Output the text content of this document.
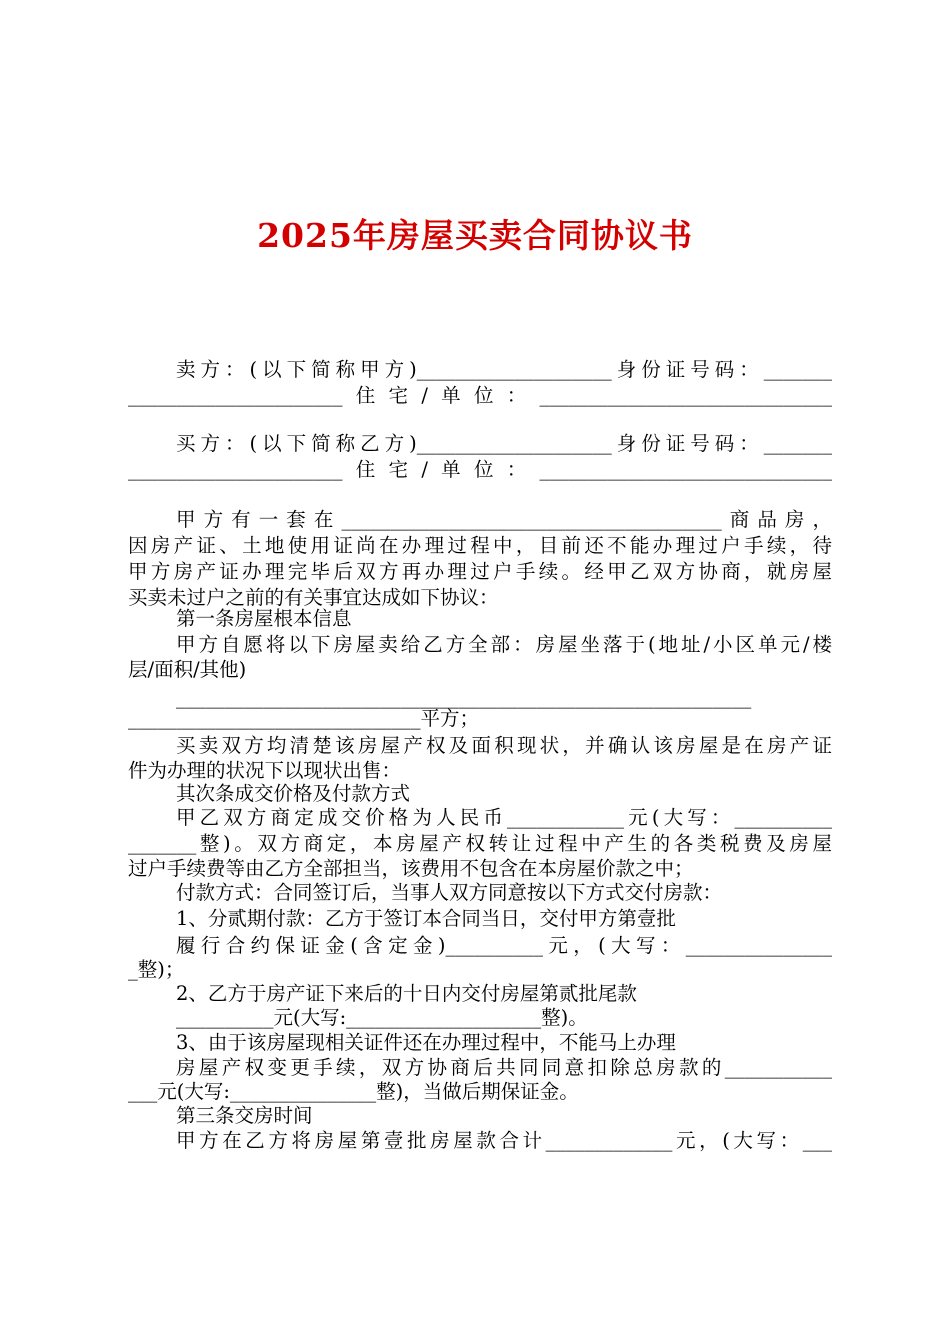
2025年房屋买卖合同协议书
卖方：(以下简称甲方)____________________身份证号码：_______
______________________住宅/单位：______________________________
买方：(以下简称乙方)____________________身份证号码：_______
______________________住宅/单位：______________________________
甲方有一套在_______________________________________商品房，
因房产证、土地使用证尚在办理过程中，目前还不能办理过户手续，待
甲方房产证办理完毕后双方再办理过户手续。经甲乙双方协商，就房屋
买卖未过户之前的有关事宜达成如下协议：
第一条房屋根本信息
甲方自愿将以下房屋卖给乙方全部：房屋坐落于(地址/小区单元/楼
层/面积/其他)
___________________________________________________________
______________________________平方；
买卖双方均清楚该房屋产权及面积现状，并确认该房屋是在房产证
件为办理的状况下以现状出售：
其次条成交价格及付款方式
甲乙双方商定成交价格为人民币____________元(大写：__________
_______整)。双方商定，本房屋产权转让过程中产生的各类税费及房屋
过户手续费等由乙方全部担当，该费用不包含在本房屋价款之中；
付款方式：合同签订后，当事人双方同意按以下方式交付房款：
1、分贰期付款：乙方于签订本合同当日，交付甲方第壹批
履行合约保证金(含定金)__________元，(大写：_______________
_整)；
2、乙方于房产证下来后的十日内交付房屋第贰批尾款
__________元(大写:____________________整)。
3、由于该房屋现相关证件还在办理过程中，不能马上办理
房屋产权变更手续，双方协商后共同同意扣除总房款的___________
___元(大写:_______________整)，当做后期保证金。
第三条交房时间
甲方在乙方将房屋第壹批房屋款合计_____________元，(大写：___
